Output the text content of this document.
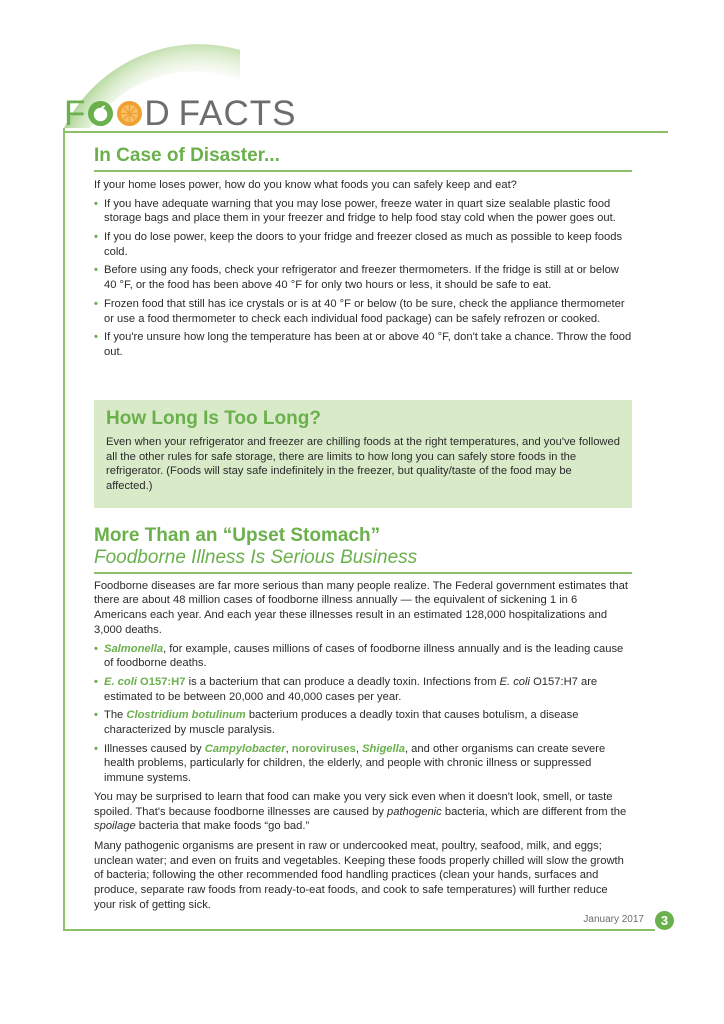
F D FACTS
In Case of Disaster...

If your home loses power, how do you know what foods you can safely keep and eat?

• If you have adequate warning that you may lose power, freeze water in quart size sealable plastic food storage bags and place them in your freezer and fridge to help food stay cold when the power goes out.
• If you do lose power, keep the doors to your fridge and freezer closed as much as possible to keep foods cold.
• Before using any foods, check your refrigerator and freezer thermometers. If the fridge is still at or below 40 °F, or the food has been above 40 °F for only two hours or less, it should be safe to eat.
• Frozen food that still has ice crystals or is at 40 °F or below (to be sure, check the appliance thermometer or use a food thermometer to check each individual food package) can be safely refrozen or cooked.
• If you're unsure how long the temperature has been at or above 40 °F, don't take a chance. Throw the food out.
How Long Is Too Long?

Even when your refrigerator and freezer are chilling foods at the right temperatures, and you've followed all the other rules for safe storage, there are limits to how long you can safely store foods in the refrigerator. (Foods will stay safe indefinitely in the freezer, but quality/taste of the food may be affected.)

More Than an “Upset Stomach”
Foodborne Illness Is Serious Business

Foodborne diseases are far more serious than many people realize. The Federal government estimates that there are about 48 million cases of foodborne illness annually — the equivalent of sickening 1 in 6 Americans each year. And each year these illnesses result in an estimated 128,000 hospitalizations and 3,000 deaths.

• Salmonella, for example, causes millions of cases of foodborne illness annually and is the leading cause of foodborne deaths.
• E. coli O157:H7 is a bacterium that can produce a deadly toxin. Infections from E. coli O157:H7 are estimated to be between 20,000 and 40,000 cases per year.
• The Clostridium botulinum bacterium produces a deadly toxin that causes botulism, a disease characterized by muscle paralysis.
• Illnesses caused by Campylobacter, noroviruses, Shigella, and other organisms can create severe health problems, particularly for children, the elderly, and people with chronic illness or suppressed immune systems.

You may be surprised to learn that food can make you very sick even when it doesn't look, smell, or taste spoiled. That's because foodborne illnesses are caused by pathogenic bacteria, which are different from the spoilage bacteria that make foods “go bad.”

Many pathogenic organisms are present in raw or undercooked meat, poultry, seafood, milk, and eggs; unclean water; and even on fruits and vegetables. Keeping these foods properly chilled will slow the growth of bacteria; following the other recommended food handling practices (clean your hands, surfaces and produce, separate raw foods from ready-to-eat foods, and cook to safe temperatures) will further reduce your risk of getting sick.

January 2017	3
